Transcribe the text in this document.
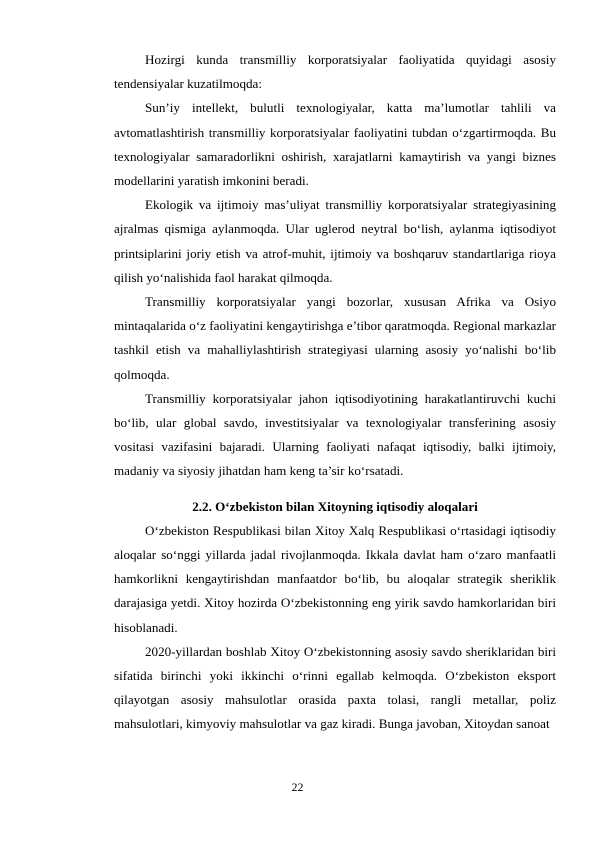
Hozirgi kunda transmilliy korporatsiyalar faoliyatida quyidagi asosiy tendensiyalar kuzatilmoqda:

Sun’iy intellekt, bulutli texnologiyalar, katta ma’lumotlar tahlili va avtomatlashtirish transmilliy korporatsiyalar faoliyatini tubdan o‘zgartirmoqda. Bu texnologiyalar samaradorlikni oshirish, xarajatlarni kamaytirish va yangi biznes modellarini yaratish imkonini beradi.

Ekologik va ijtimoiy mas’uliyat transmilliy korporatsiyalar strategiyasining ajralmas qismiga aylanmoqda. Ular uglerod neytral bo‘lish, aylanma iqtisodiyot printsiplarini joriy etish va atrof-muhit, ijtimoiy va boshqaruv standartlariga rioya qilish yo‘nalishida faol harakat qilmoqda.

Transmilliy korporatsiyalar yangi bozorlar, xususan Afrika va Osiyo mintaqalarida o‘z faoliyatini kengaytirishga e’tibor qaratmoqda. Regional markazlar tashkil etish va mahalliylashtirish strategiyasi ularning asosiy yo‘nalishi bo‘lib qolmoqda.

Transmilliy korporatsiyalar jahon iqtisodiyotining harakatlantiruvchi kuchi bo‘lib, ular global savdo, investitsiyalar va texnologiyalar transferining asosiy vositasi vazifasini bajaradi. Ularning faoliyati nafaqat iqtisodiy, balki ijtimoiy, madaniy va siyosiy jihatdan ham keng ta’sir ko‘rsatadi.

2.2. O‘zbekiston bilan Xitoyning iqtisodiy aloqalari

O‘zbekiston Respublikasi bilan Xitoy Xalq Respublikasi o‘rtasidagi iqtisodiy aloqalar so‘nggi yillarda jadal rivojlanmoqda. Ikkala davlat ham o‘zaro manfaatli hamkorlikni kengaytirishdan manfaatdor bo‘lib, bu aloqalar strategik sheriklik darajasiga yetdi. Xitoy hozirda O‘zbekistonning eng yirik savdo hamkorlaridan biri hisoblanadi.

2020-yillardan boshlab Xitoy O‘zbekistonning asosiy savdo sheriklaridan biri sifatida birinchi yoki ikkinchi o‘rinni egallab kelmoqda. O‘zbekiston eksport qilayotgan asosiy mahsulotlar orasida paxta tolasi, rangli metallar, poliz mahsulotlari, kimyoviy mahsulotlar va gaz kiradi. Bunga javoban, Xitoydan sanoat

22
